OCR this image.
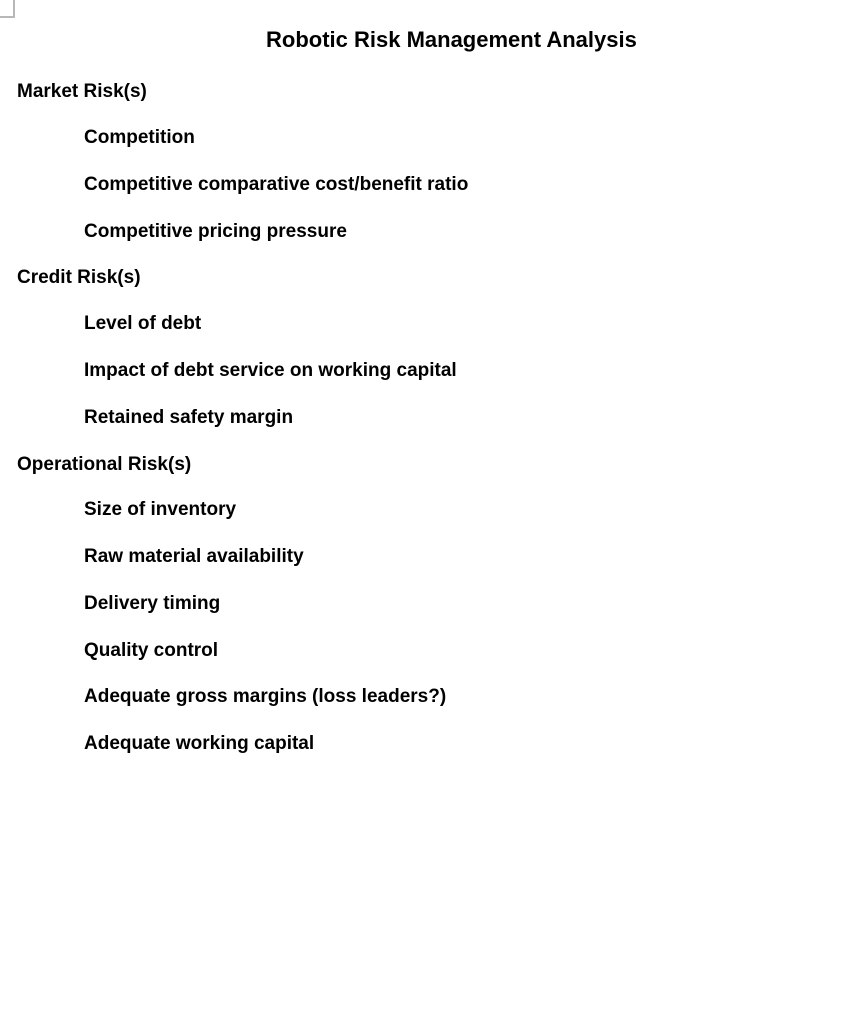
Robotic Risk Management Analysis
Market Risk(s)
Competition
Competitive comparative cost/benefit ratio
Competitive pricing pressure
Credit Risk(s)
Level of debt
Impact of debt service on working capital
Retained safety margin
Operational Risk(s)
Size of inventory
Raw material availability
Delivery timing
Quality control
Adequate gross margins (loss leaders?)
Adequate working capital
